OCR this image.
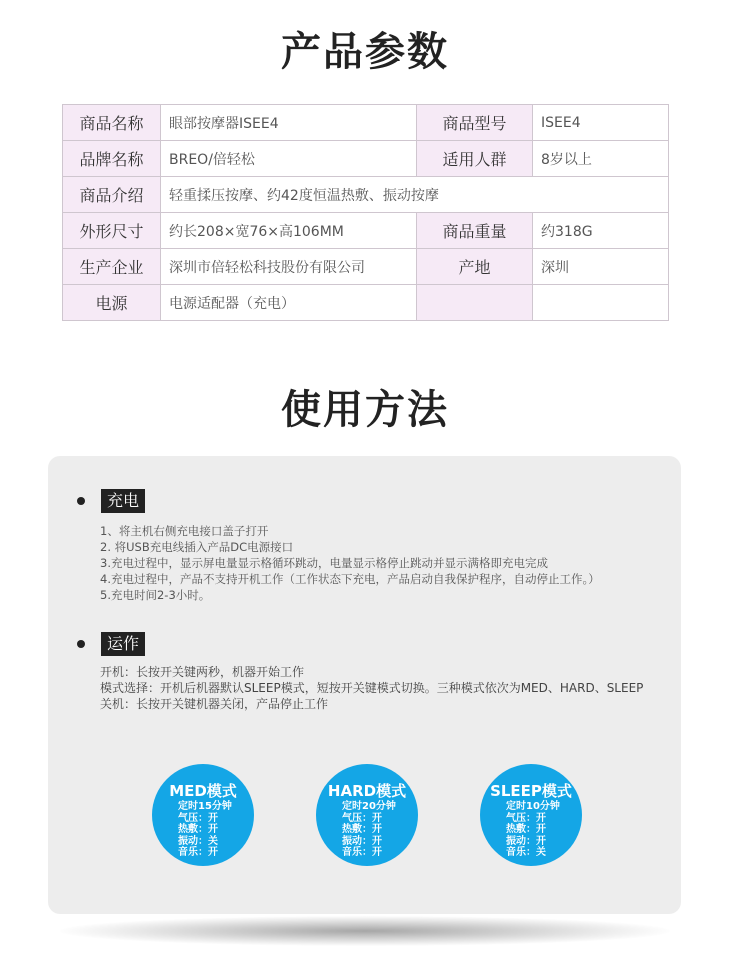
产品参数
商品名称	眼部按摩器ISEE4	商品型号	ISEE4
品牌名称	BREO/倍轻松	适用人群	8岁以上
商品介绍	轻重揉压按摩、约42度恒温热敷、振动按摩		
外形尺寸	约长208×宽76×高106MM	商品重量	约318G
生产企业	深圳市倍轻松科技股份有限公司	产地	深圳
电源	电源适配器（充电）		
使用方法
充电
1、将主机右侧充电接口盖子打开
2. 将USB充电线插入产品DC电源接口
3.充电过程中，显示屏电量显示格循环跳动，电量显示格停止跳动并显示满格即充电完成
4.充电过程中，产品不支持开机工作（工作状态下充电，产品启动自我保护程序，自动停止工作。）
5.充电时间2-3小时。
运作
开机：长按开关键两秒，机器开始工作
模式选择：开机后机器默认SLEEP模式，短按开关键模式切换。三种模式依次为MED、HARD、SLEEP
关机：长按开关键机器关闭，产品停止工作
MED模式
定时15分钟
气压：开
热敷：开
振动：关
音乐：开
HARD模式
定时20分钟
气压：开
热敷：开
振动：开
音乐：开
SLEEP模式
定时10分钟
气压：开
热敷：开
振动：开
音乐：关
